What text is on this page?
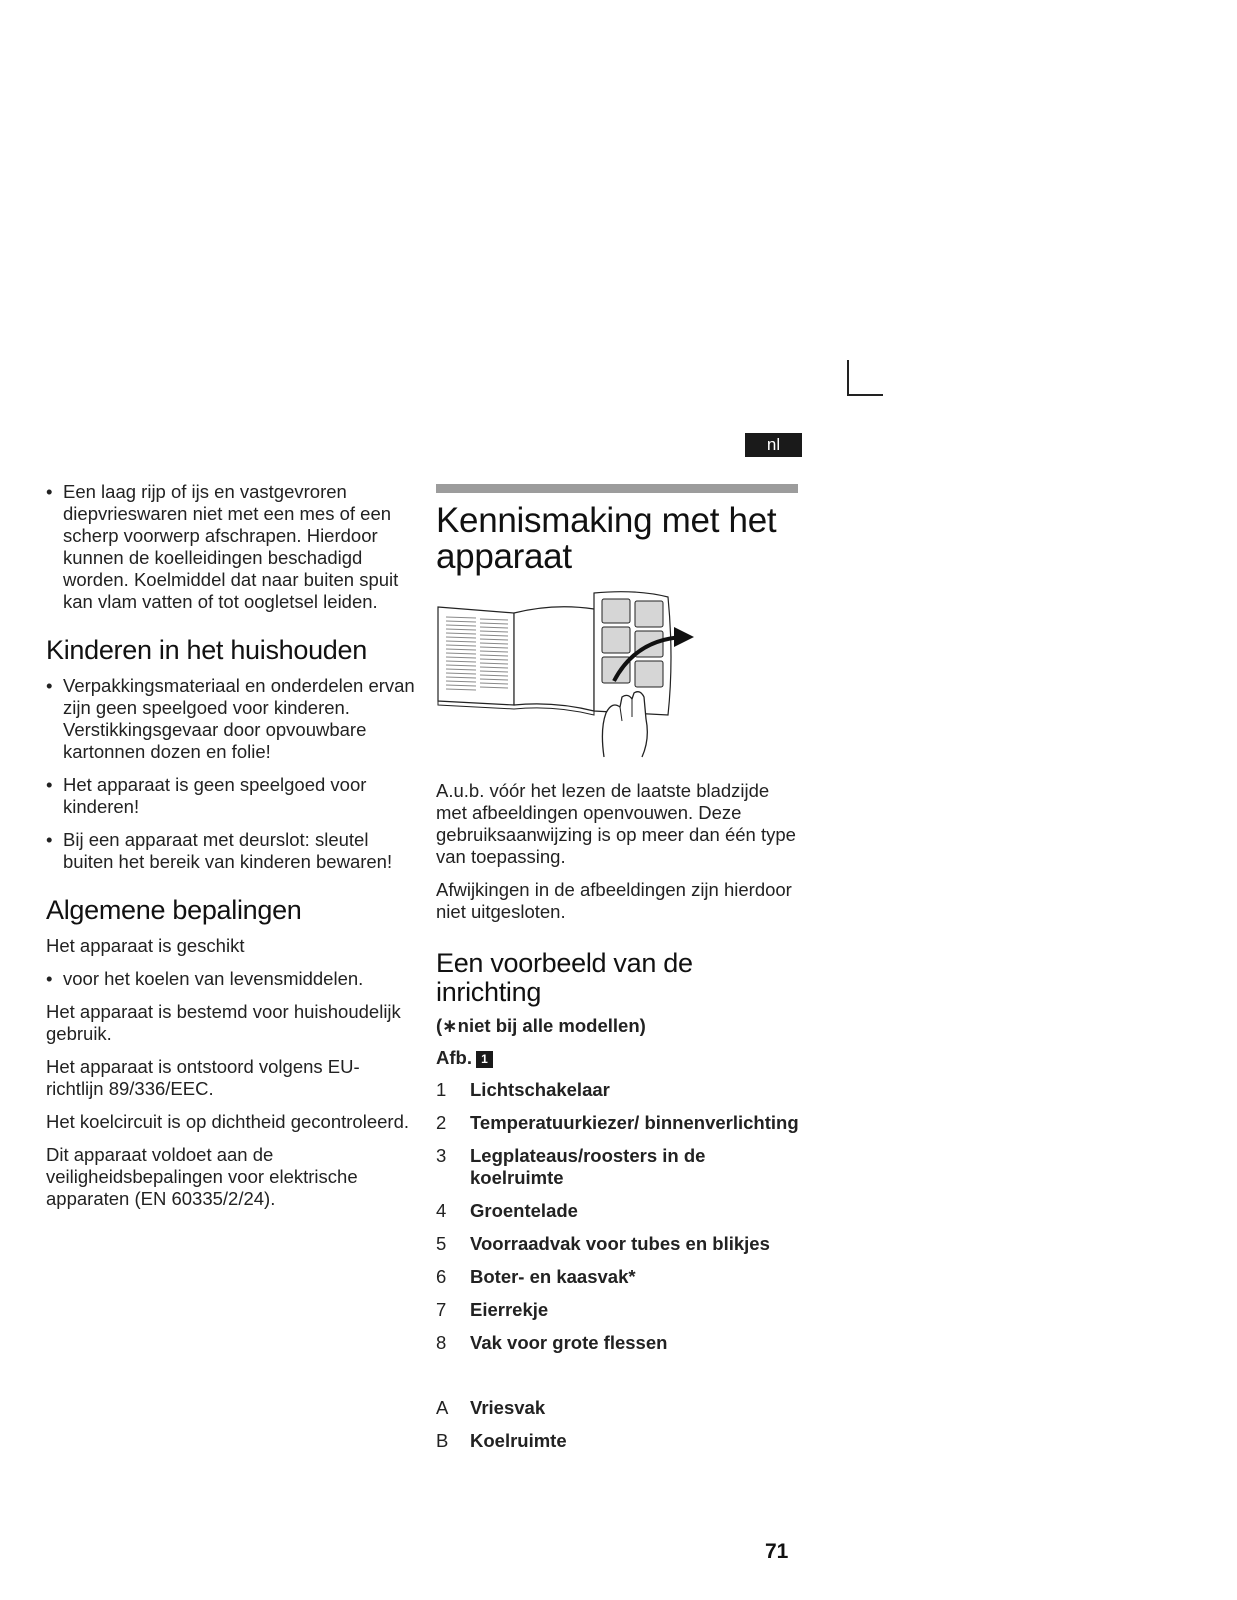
nl
• Een laag rijp of ijs en vastgevroren diepvrieswaren niet met een mes of een scherp voorwerp afschrapen. Hierdoor kunnen de koelleidingen beschadigd worden. Koelmiddel dat naar buiten spuit kan vlam vatten of tot oogletsel leiden.
Kinderen in het huishouden
• Verpakkingsmateriaal en onderdelen ervan zijn geen speelgoed voor kinderen. Verstikkingsgevaar door opvouwbare kartonnen dozen en folie!
• Het apparaat is geen speelgoed voor kinderen!
• Bij een apparaat met deurslot: sleutel buiten het bereik van kinderen bewaren!
Algemene bepalingen

Het apparaat is geschikt

• voor het koelen van levensmiddelen.

Het apparaat is bestemd voor huishoudelijk gebruik.

Het apparaat is ontstoord volgens EU-richtlijn 89/336/EEC.

Het koelcircuit is op dichtheid gecontroleerd.

Dit apparaat voldoet aan de veiligheidsbepalingen voor elektrische apparaten (EN 60335/2/24).

Kennismaking met het apparaat

A.u.b. vóór het lezen de laatste bladzijde met afbeeldingen openvouwen. Deze gebruiksaanwijzing is op meer dan één type van toepassing.

Afwijkingen in de afbeeldingen zijn hierdoor niet uitgesloten.

Een voorbeeld van de inrichting

(∗niet bij alle modellen)

Afb. 1

1	Lichtschakelaar
2	Temperatuurkiezer/ binnenverlichting
3	Legplateaus/roosters in de koelruimte
4	Groentelade
5	Voorraadvak voor tubes en blikjes
6	Boter- en kaasvak*
7	Eierrekje
8	Vak voor grote flessen
A	Vriesvak
B	Koelruimte
71
